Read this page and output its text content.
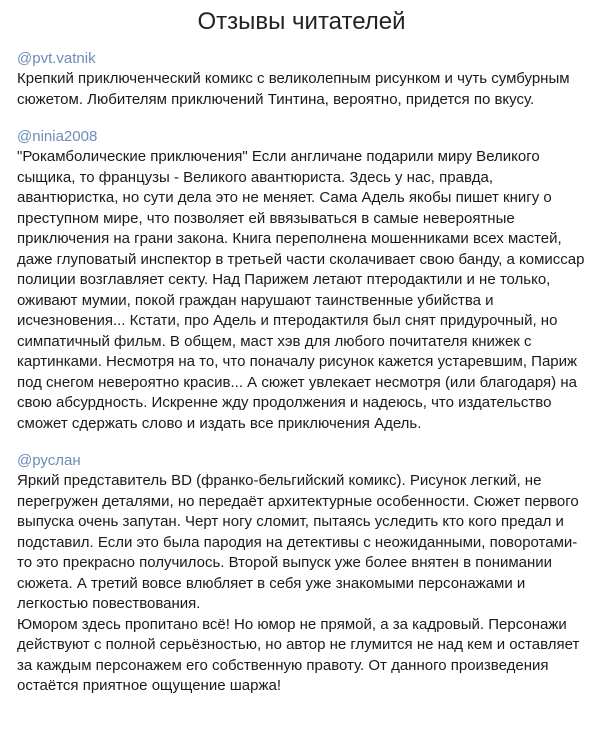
Отзывы читателей
@pvt.vatnik

Крепкий приключенческий комикс с великолепным рисунком и чуть сумбурным сюжетом. Любителям приключений Тинтина, вероятно, придется по вкусу.

@ninia2008

"Рокамболические приключения" Если англичане подарили миру Великого сыщика, то французы - Великого авантюриста. Здесь у нас, правда, авантюристка, но сути дела это не меняет. Сама Адель якобы пишет книгу о преступном мире, что позволяет ей ввязываться в самые невероятные приключения на грани закона. Книга переполнена мошенниками всех мастей, даже глуповатый инспектор в третьей части сколачивает свою банду, а комиссар полиции возглавляет секту. Над Парижем летают птеродактили и не только, оживают мумии, покой граждан нарушают таинственные убийства и исчезновения... Кстати, про Адель и птеродактиля был снят придурочный, но симпатичный фильм. В общем, маст хэв для любого почитателя книжек с картинками. Несмотря на то, что поначалу рисунок кажется устаревшим, Париж под снегом невероятно красив... А сюжет увлекает несмотря (или благодаря) на свою абсурдность. Искренне жду продолжения и надеюсь, что издательство сможет сдержать слово и издать все приключения Адель.

@руслан

Яркий представитель BD (франко-бельгийский комикс). Рисунок легкий, не перегружен деталями, но передаёт архитектурные особенности. Сюжет первого выпуска очень запутан. Черт ногу сломит, пытаясь уследить кто кого предал и подставил. Если это была пародия на детективы с неожиданными, поворотами- то это прекрасно получилось. Второй выпуск уже более внятен в понимании сюжета. А третий вовсе влюбляет в себя уже знакомыми персонажами и легкостью повествования.
Юмором здесь пропитано всё! Но юмор не прямой, а за кадровый. Персонажи действуют с полной серьёзностью, но автор не глумится не над кем и оставляет за каждым персонажем его собственную правоту. От данного произведения остаётся приятное ощущение шаржа!
